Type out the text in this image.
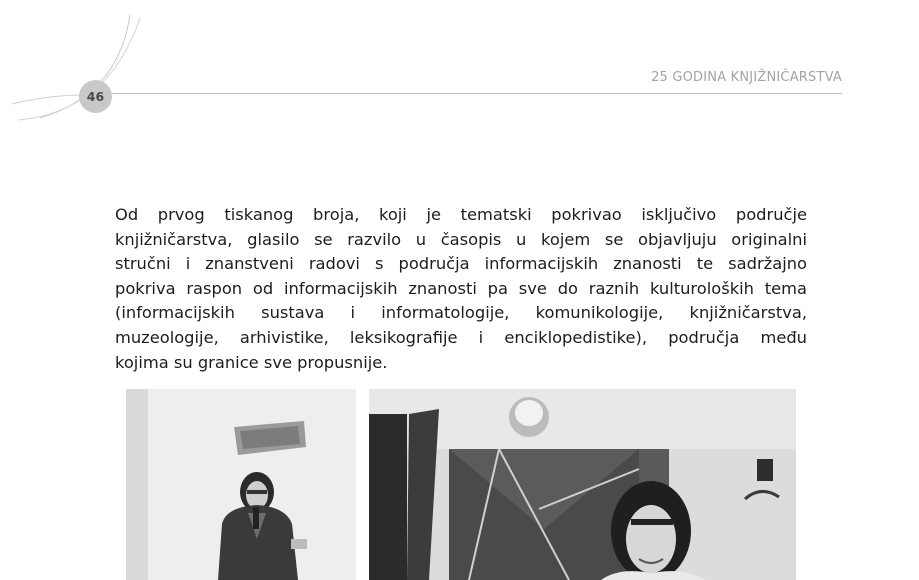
46
25 GODINA KNJIŽNIČARSTVA

Od prvog tiskanog broja, koji je tematski pokrivao isključivo područje
knjižničarstva, glasilo se razvilo u časopis u kojem se objavljuju originalni
stručni i znanstveni radovi s područja informacijskih znanosti te sadržajno
pokriva raspon od informacijskih znanosti pa sve do raznih kulturoloških tema
(informacijskih sustava i informatologije, komunikologije, knjižničarstva,
muzeologije, arhivistike, leksikografije i enciklopedistike), područja među
kojima su granice sve propusnije.
